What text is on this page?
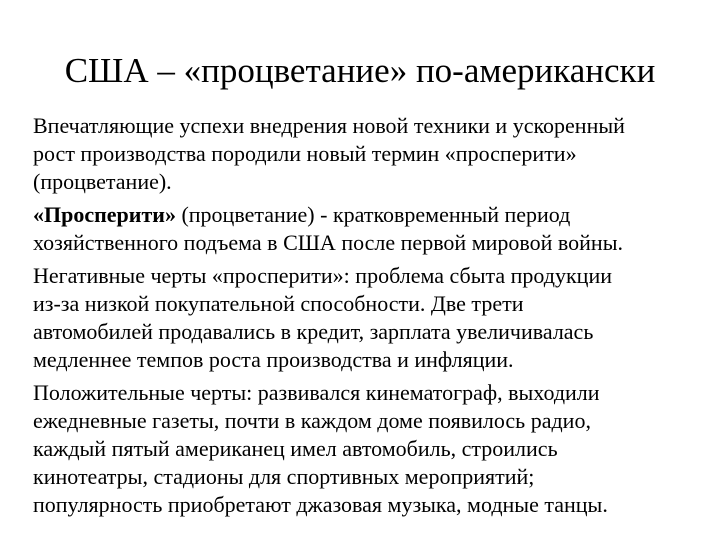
США – «процветание» по-американски

Впечатляющие успехи внедрения новой техники и ускоренный
рост производства породили новый термин «просперити»
(процветание).

«Просперити» (процветание) - кратковременный период
хозяйственного подъема в США после первой мировой войны.

Негативные черты «просперити»: проблема сбыта продукции
из-за низкой покупательной способности. Две трети
автомобилей продавались в кредит, зарплата увеличивалась
медленнее темпов роста производства и инфляции.

Положительные черты: развивался кинематограф, выходили
ежедневные газеты, почти в каждом доме появилось радио,
каждый пятый американец имел автомобиль, строились
кинотеатры, стадионы для спортивных мероприятий;
популярность приобретают джазовая музыка, модные танцы.
